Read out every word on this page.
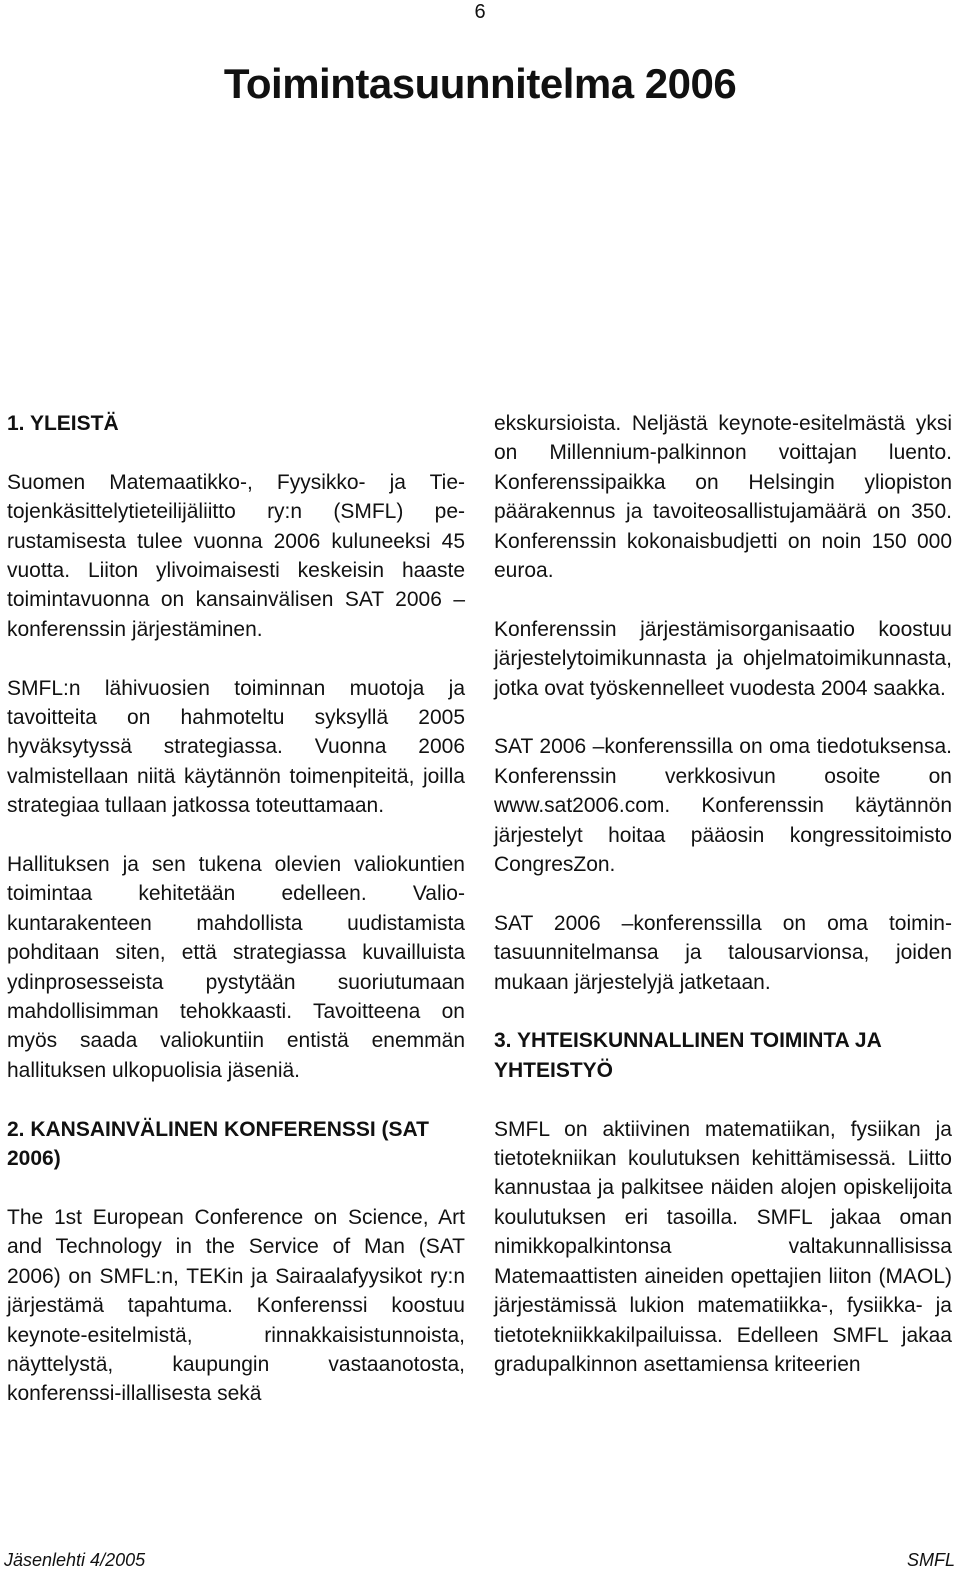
6
Toimintasuunnitelma 2006
1. YLEISTÄ

Suomen Matemaatikko-, Fyysikko- ja Tietojenkäsittelytieteilijäliitto ry:n (SMFL) perustamisesta tulee vuonna 2006 kuluneeksi 45 vuotta. Liiton ylivoimaisesti keskeisin haaste toimintavuonna on kansainvälisen SAT 2006 –konferenssin järjestäminen.

SMFL:n lähivuosien toiminnan muotoja ja tavoitteita on hahmoteltu syksyllä 2005 hyväksytyssä strategiassa. Vuonna 2006 valmistellaan niitä käytännön toimenpiteitä, joilla strategiaa tullaan jatkossa toteuttamaan.

Hallituksen ja sen tukena olevien valiokuntien toimintaa kehitetään edelleen. Valiokuntarakenteen mahdollista uudistamista pohditaan siten, että strategiassa kuvailluista ydinprosesseista pystytään suoriutumaan mahdollisimman tehokkaasti. Tavoitteena on myös saada valiokuntiin entistä enemmän hallituksen ulkopuolisia jäseniä.

2. KANSAINVÄLINEN KONFERENSSI (SAT 2006)

The 1st European Conference on Science, Art and Technology in the Service of Man (SAT 2006) on SMFL:n, TEKin ja Sairaalafyysikot ry:n järjestämä tapahtuma. Konferenssi koostuu keynote-esitelmistä, rinnakkaisistunnoista, näyttelystä, kaupungin vastaanotosta, konferenssi-illallisesta sekä

ekskursioista. Neljästä keynote-esitelmästä yksi on Millennium-palkinnon voittajan luento. Konferenssipaikka on Helsingin yliopiston päärakennus ja tavoiteosallistujamäärä on 350. Konferenssin kokonaisbudjetti on noin 150 000 euroa.

Konferenssin järjestämisorganisaatio koostuu järjestelytoimikunnasta ja ohjelmatoimikunnasta, jotka ovat työskennelleet vuodesta 2004 saakka.

SAT 2006 –konferenssilla on oma tiedotuksensa. Konferenssin verkkosivun osoite on www.sat2006.com. Konferenssin käytännön järjestelyt hoitaa pääosin kongressitoimisto CongresZon.

SAT 2006 –konferenssilla on oma toimintasuunnitelmansa ja talousarvionsa, joiden mukaan järjestelyjä jatketaan.

3. YHTEISKUNNALLINEN TOIMINTA JA YHTEISTYÖ

SMFL on aktiivinen matematiikan, fysiikan ja tietotekniikan koulutuksen kehittämisessä. Liitto kannustaa ja palkitsee näiden alojen opiskelijoita koulutuksen eri tasoilla. SMFL jakaa oman nimikkopalkintonsa valtakunnallisissa Matemaattisten aineiden opettajien liiton (MAOL) järjestämissä lukion matematiikka-, fysiikka- ja tietotekniikkakilpailuissa. Edelleen SMFL jakaa gradupalkinnon asettamiensa kriteerien

Jäsenlehti 4/2005	SMFL
